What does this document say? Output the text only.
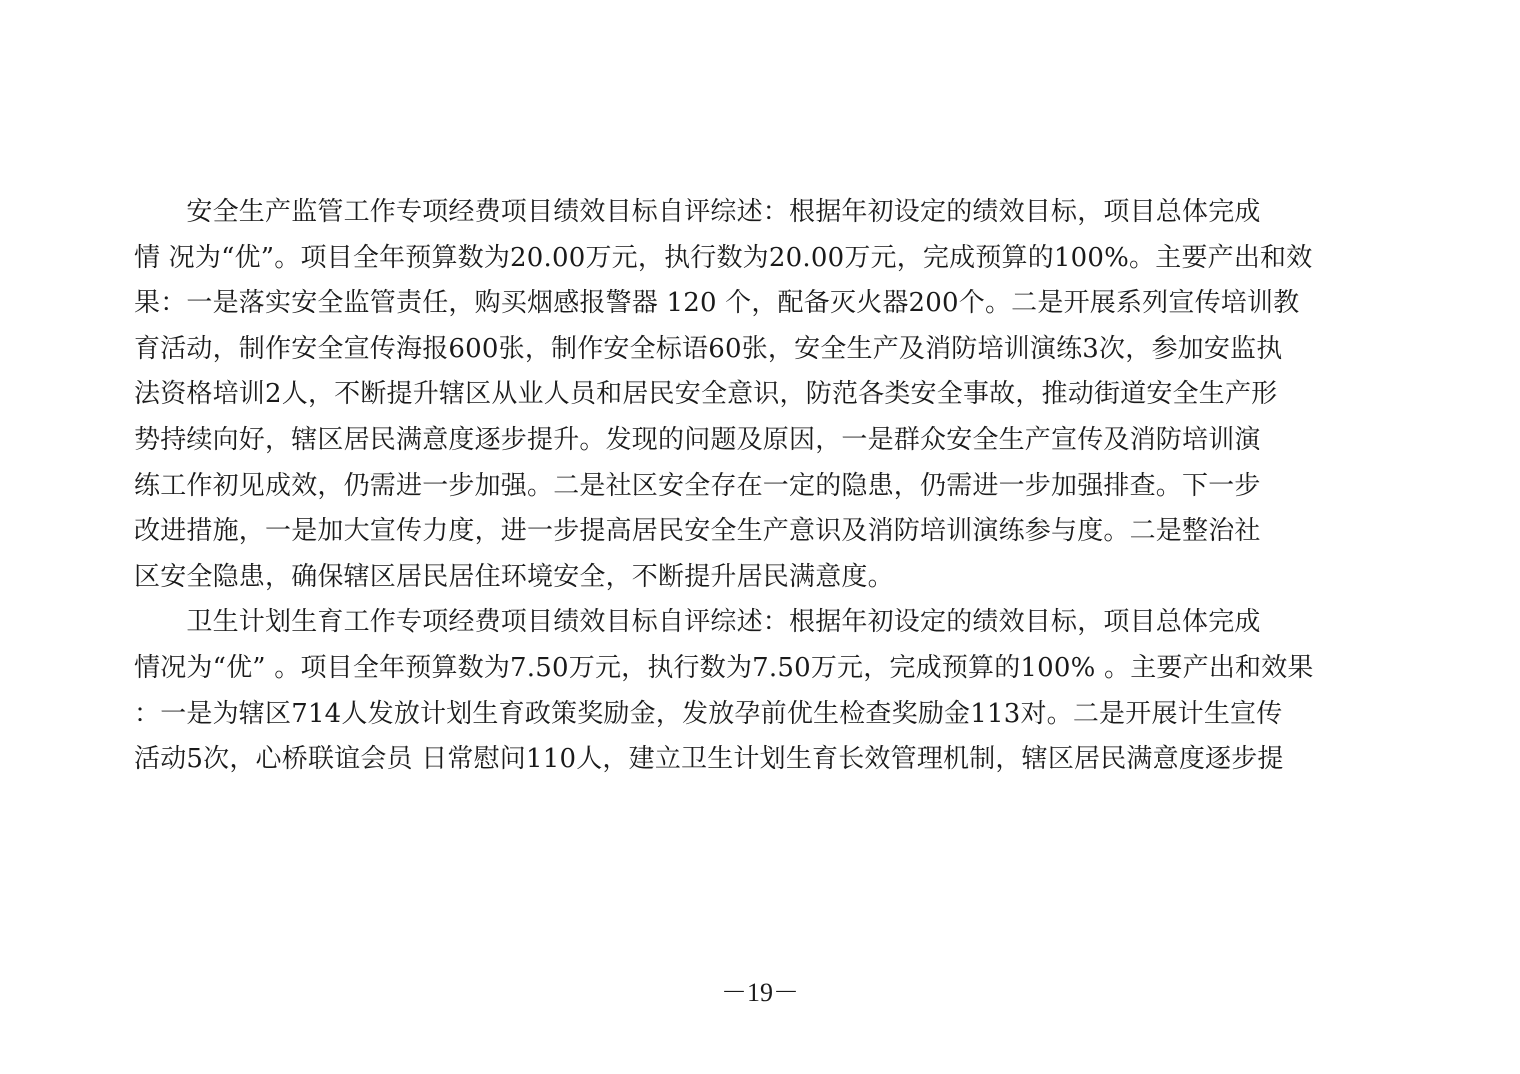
　　安全生产监管工作专项经费项目绩效目标自评综述：根据年初设定的绩效目标，项目总体完成
情 况为“优”。项目全年预算数为20.00万元，执行数为20.00万元，完成预算的100%。主要产出和效
果：一是落实安全监管责任，购买烟感报警器 120 个，配备灭火器200个。二是开展系列宣传培训教
育活动，制作安全宣传海报600张，制作安全标语60张，安全生产及消防培训演练3次，参加安监执
法资格培训2人，不断提升辖区从业人员和居民安全意识，防范各类安全事故，推动街道安全生产形
势持续向好，辖区居民满意度逐步提升。发现的问题及原因，一是群众安全生产宣传及消防培训演
练工作初见成效，仍需进一步加强。二是社区安全存在一定的隐患，仍需进一步加强排查。下一步
改进措施，一是加大宣传力度，进一步提高居民安全生产意识及消防培训演练参与度。二是整治社
区安全隐患，确保辖区居民居住环境安全，不断提升居民满意度。
　　卫生计划生育工作专项经费项目绩效目标自评综述：根据年初设定的绩效目标，项目总体完成
情况为“优” 。项目全年预算数为7.50万元，执行数为7.50万元，完成预算的100% 。主要产出和效果
：一是为辖区714人发放计划生育政策奖励金，发放孕前优生检查奖励金113对。二是开展计生宣传
活动5次，心桥联谊会员 日常慰问110人，建立卫生计划生育长效管理机制，辖区居民满意度逐步提
－19－
